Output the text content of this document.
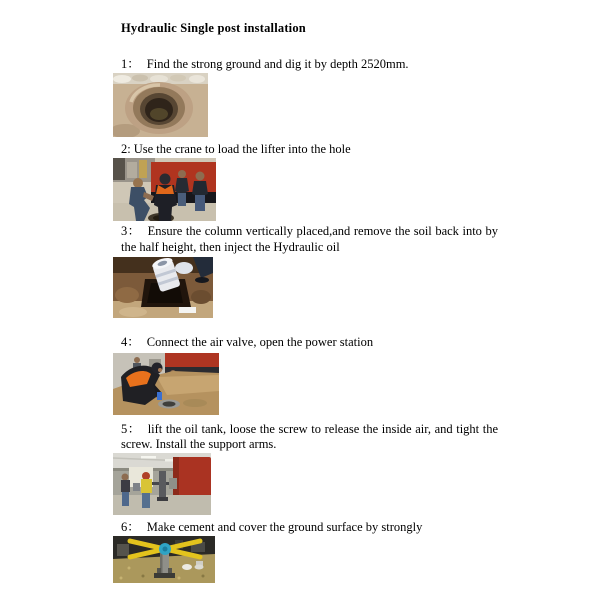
Hydraulic Single post installation

1： Find the strong ground and dig it by depth 2520mm.

2: Use the crane to load the lifter into the hole

3： Ensure the column vertically placed,and remove the soil back into by the half height, then inject the Hydraulic oil

4： Connect the air valve, open the power station

5： lift the oil tank, loose the screw to release the inside air, and tight the screw. Install the support arms.

6： Make cement and cover the ground surface by strongly
